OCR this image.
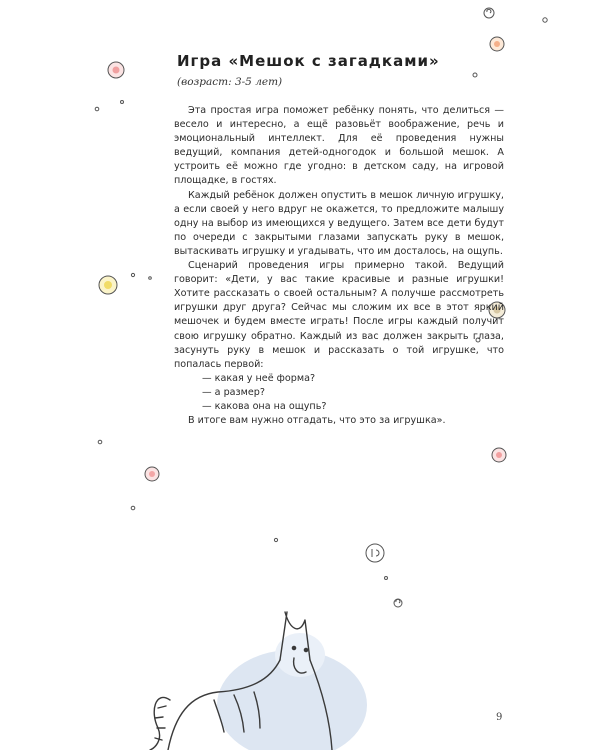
Игра «Мешок с загадками»

(возраст: 3-5 лет)

Эта простая игра поможет ребёнку понять, что делиться — весело и интересно, а ещё разовьёт воображение, речь и эмоциональный интеллект. Для её проведения нужны ведущий, компания детей-одногодок и большой мешок. А устроить её можно где угодно: в детском саду, на игровой площадке, в гостях.

Каждый ребёнок должен опустить в мешок личную игрушку, а если своей у него вдруг не окажется, то предложите малышу одну на выбор из имеющихся у ведущего. Затем все дети будут по очереди с закрытыми глазами запускать руку в мешок, вытаскивать игрушку и угадывать, что им досталось, на ощупь.

Сценарий проведения игры примерно такой. Ведущий говорит: «Дети, у вас такие красивые и разные игрушки! Хотите рассказать о своей остальным? А получше рассмотреть игрушки друг друга? Сейчас мы сложим их все в этот яркий мешочек и будем вместе играть! После игры каждый получит свою игрушку обратно. Каждый из вас должен закрыть глаза, засунуть руку в мешок и рассказать о той игрушке, что попалась первой:

— какая у неё форма?
— а размер?
— какова она на ощупь?

В итоге вам нужно отгадать, что это за игрушка».

9
